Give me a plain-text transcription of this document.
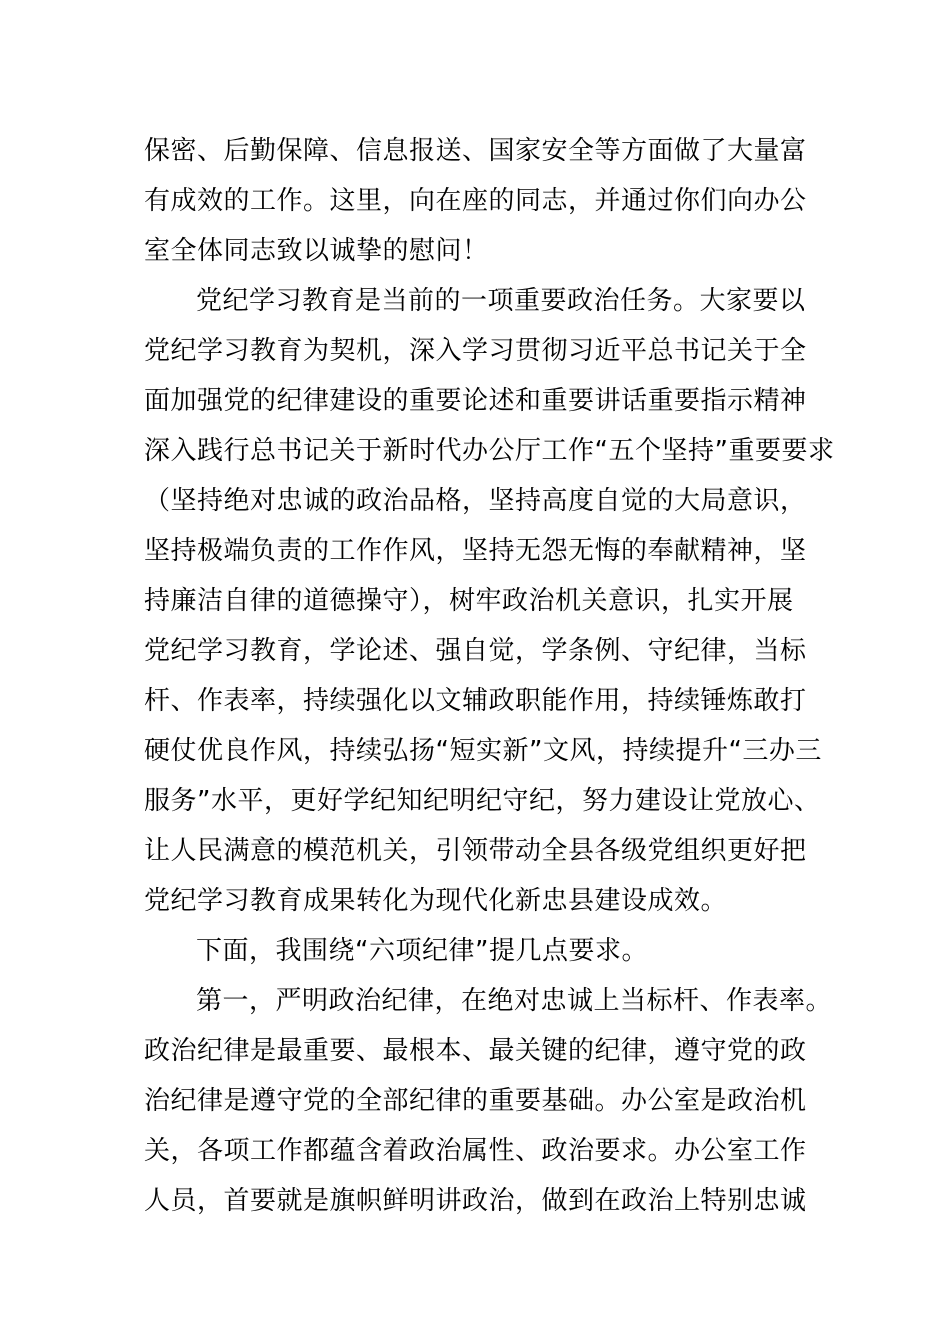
保密、后勤保障、信息报送、国家安全等方面做了大量富
有成效的工作。这里，向在座的同志，并通过你们向办公
室全体同志致以诚挚的慰问！
党纪学习教育是当前的一项重要政治任务。大家要以
党纪学习教育为契机，深入学习贯彻习近平总书记关于全
面加强党的纪律建设的重要论述和重要讲话重要指示精神
深入践行总书记关于新时代办公厅工作“五个坚持”重要要求
（坚持绝对忠诚的政治品格，坚持高度自觉的大局意识，
坚持极端负责的工作作风，坚持无怨无悔的奉献精神，坚
持廉洁自律的道德操守），树牢政治机关意识，扎实开展
党纪学习教育，学论述、强自觉，学条例、守纪律，当标
杆、作表率，持续强化以文辅政职能作用，持续锤炼敢打
硬仗优良作风，持续弘扬“短实新”文风，持续提升“三办三
服务”水平，更好学纪知纪明纪守纪，努力建设让党放心、
让人民满意的模范机关，引领带动全县各级党组织更好把
党纪学习教育成果转化为现代化新忠县建设成效。
下面，我围绕“六项纪律”提几点要求。
第一，严明政治纪律，在绝对忠诚上当标杆、作表率。
政治纪律是最重要、最根本、最关键的纪律，遵守党的政
治纪律是遵守党的全部纪律的重要基础。办公室是政治机
关，各项工作都蕴含着政治属性、政治要求。办公室工作
人员，首要就是旗帜鲜明讲政治，做到在政治上特别忠诚
